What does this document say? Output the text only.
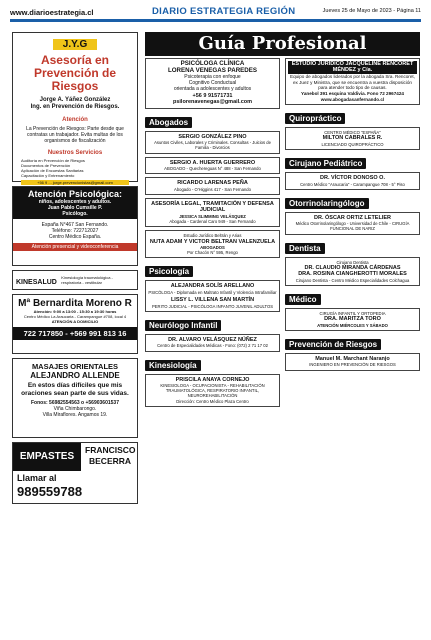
www.diarioestrategia.cl	DIARIO ESTRATEGIA REGIÓN	Jueves 25 de Mayo de 2023 - Página 11
J.Y.G
Asesoría en Prevención de Riesgos
Jorge A. Yáñez González
Ing. en Prevención de Riesgos.
Atención
La Prevención de Riesgos: Parte desde que contratas un trabajador. Evita multas de los organismos de fiscalización
Nuestros Servicios
Auditoría en Prevención de Riesgos
Documentos de Prevención
Aplicación de Encuestas Sanitarias
Capacitación y Entrenamiento
+56 9 ... jorge.prevencionistas@gmail.com
Atención Psicológica:
niños, adolescentes y adultos.
Juan Pablo Cumsille P.
Psicólogo.
España N°467 San Fernando.
Teléfono: 722712027
Centro Médico España.
Atención presencial y videoconferencia
KINESALUD Kinesiología traumatológica - respiratoria - vestibular
Mª Bernardita Moreno R
Atención: 9:00 a 13:00 - 15:30 a 19:30 horas
Centro Médico La Araucaria - Carampangue #708, local 4
ATENCIÓN A DOMICILIO
722 717850 - +569 991 813 16
MASAJES ORIENTALES
ALEJANDRO ALLENDE
En estos días difíciles que mis oraciones sean parte de sus vidas.
Fonos: 56982554563 o +56903601537
Viña Chimbarongo.
Villa Miraflores. Angamos 19.
EMPASTES
FRANCISCO
BECERRA
Llamar al
989559788
Guía Profesional
PSICÓLOGA CLÍNICA
LORENA VENEGAS PAREDES
Psicoterapia con enfoque
Cognitivo Conductual
orientada a adolescentes y adultos
+56 9 91571731
psilorenavenegas@gmail.com
Abogados
SERGIO GONZÁLEZ PINO
Asuntos Civiles, Laborales y Criminales. Consultas - Juicios de Familia - Divorcios
SERGIO A. HUERTA GUERRERO
ABOGADO - Quechereguas N° 488 - San Fernando
RICARDO LARENAS PEÑA
Abogado - O'Higgins 417 - San Fernando
ASESORÍA LEGAL, TRAMITACIÓN Y DEFENSA JUDICIAL
JESSICA SLIMMING VELÁSQUEZ
Abogada - Cardenal Caro 949 - San Fernando
Estudio Jurídico Beltrán y Arias
NUTA ADAM Y VICTOR BELTRAN VALENZUELA
ABOGADOS
Por Chacón N° 595, Rengo
Psicología
ALEJANDRA SOLÍS ARELLANO
PSICÓLOGA - Diplomada en Maltrato Infantil y Violencia Intrafamiliar
LISSY L. VILLENA SAN MARTÍN
PERITO JUDICIAL - PSICÓLOGA INFANTO JUVENIL ADULTOS
Neurólogo Infantil
DR. ALVARO VELÁSQUEZ NÚÑEZ
Centro de Especialidades Médicas - Fono: (072) 2 71 17 02
Kinesiología
PRISCILA ANAYA CORNEJO
KINESIOLOGA - OCUPACIONISTA - REHABILITACIÓN TRAUMATOLÓGICA, RESPIRATORIO INFANTIL, NEUROREHABILITACIÓN
Dirección: Centro Médico Plaza Centro
ESTUDIO JURÍDICO JACQUELINE RENCORET MÉNDEZ y Cía.
Equipo de abogados liderados por la abogada Sra. Rencoret, ex Juez y Ministra, que se encuentra a vuestra disposición para atender todo tipo de causas.
Yanebol 391 esquina Valdivia. Fono 72 2967424
www.abogadasanfernando.cl
Quiropráctico
CENTRO MÉDICO "ESPAÑA"
MILTON CABRALES R.
LICENCIADO QUIROPRÁCTICO
Cirujano Pediátrico
DR. VÍCTOR DONOSO O.
Centro Médico "Araucaria" - Carampangue 708 - 5° Piso
Otorrinolaringólogo
DR. ÓSCAR ORTIZ LETELIER
Médico Otorrinolaringólogo - Universidad de Chile - CIRUGÍA FUNCIONAL DE NARIZ
Dentista
Cirujano Dentista
DR. CLAUDIO MIRANDA CÁRDENAS
DRA. ROSINA CIANGHEROTTI MORALES
Cirujano Dentista - Centro Médico Especialidades Colchagua
Médico
CIRUGÍA INFANTIL Y ORTOPEDIA
DRA. MARITZA TORO
ATENCIÓN MIÉRCOLES Y SÁBADO
Prevención de Riesgos
Manuel M. Marchant Naranjo
INGENIERO EN PREVENCIÓN DE RIESGOS
